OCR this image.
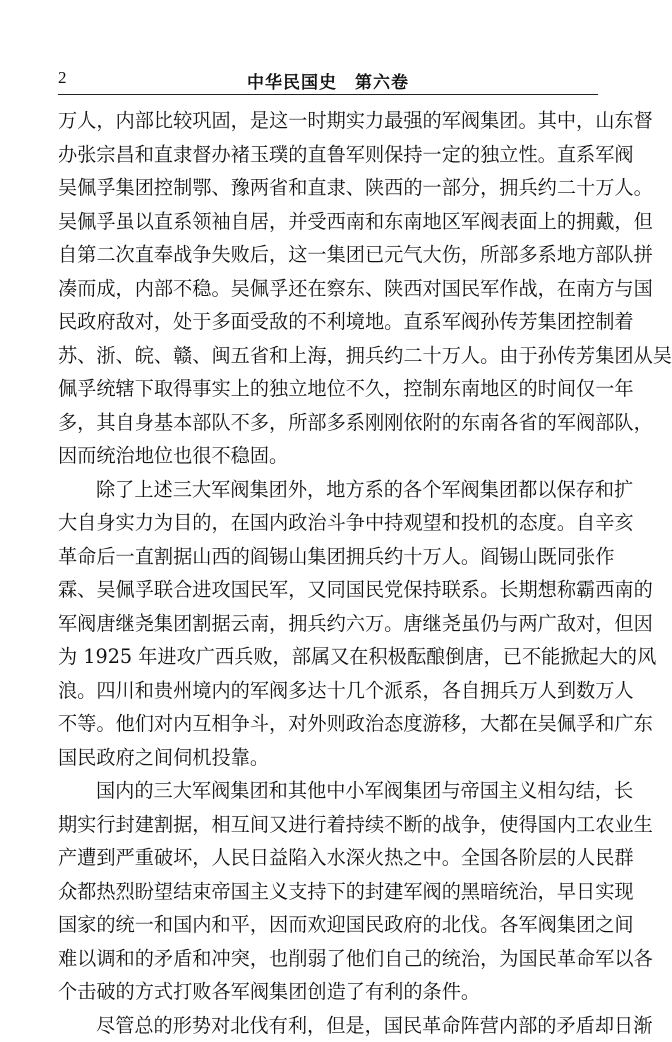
2	中华民国史　第六卷
万人，内部比较巩固，是这一时期实力最强的军阀集团。其中，山东督
办张宗昌和直隶督办褚玉璞的直鲁军则保持一定的独立性。直系军阀
吴佩孚集团控制鄂、豫两省和直隶、陕西的一部分，拥兵约二十万人。
吴佩孚虽以直系领袖自居，并受西南和东南地区军阀表面上的拥戴，但
自第二次直奉战争失败后，这一集团已元气大伤，所部多系地方部队拼
凑而成，内部不稳。吴佩孚还在察东、陕西对国民军作战，在南方与国
民政府敌对，处于多面受敌的不利境地。直系军阀孙传芳集团控制着
苏、浙、皖、赣、闽五省和上海，拥兵约二十万人。由于孙传芳集团从吴
佩孚统辖下取得事实上的独立地位不久，控制东南地区的时间仅一年
多，其自身基本部队不多，所部多系刚刚依附的东南各省的军阀部队，
因而统治地位也很不稳固。
除了上述三大军阀集团外，地方系的各个军阀集团都以保存和扩
大自身实力为目的，在国内政治斗争中持观望和投机的态度。自辛亥
革命后一直割据山西的阎锡山集团拥兵约十万人。阎锡山既同张作
霖、吴佩孚联合进攻国民军，又同国民党保持联系。长期想称霸西南的
军阀唐继尧集团割据云南，拥兵约六万。唐继尧虽仍与两广敌对，但因
为 1925 年进攻广西兵败，部属又在积极酝酿倒唐，已不能掀起大的风
浪。四川和贵州境内的军阀多达十几个派系，各自拥兵万人到数万人
不等。他们对内互相争斗，对外则政治态度游移，大都在吴佩孚和广东
国民政府之间伺机投靠。
国内的三大军阀集团和其他中小军阀集团与帝国主义相勾结，长
期实行封建割据，相互间又进行着持续不断的战争，使得国内工农业生
产遭到严重破坏，人民日益陷入水深火热之中。全国各阶层的人民群
众都热烈盼望结束帝国主义支持下的封建军阀的黑暗统治，早日实现
国家的统一和国内和平，因而欢迎国民政府的北伐。各军阀集团之间
难以调和的矛盾和冲突，也削弱了他们自己的统治，为国民革命军以各
个击破的方式打败各军阀集团创造了有利的条件。
尽管总的形势对北伐有利，但是，国民革命阵营内部的矛盾却日渐
